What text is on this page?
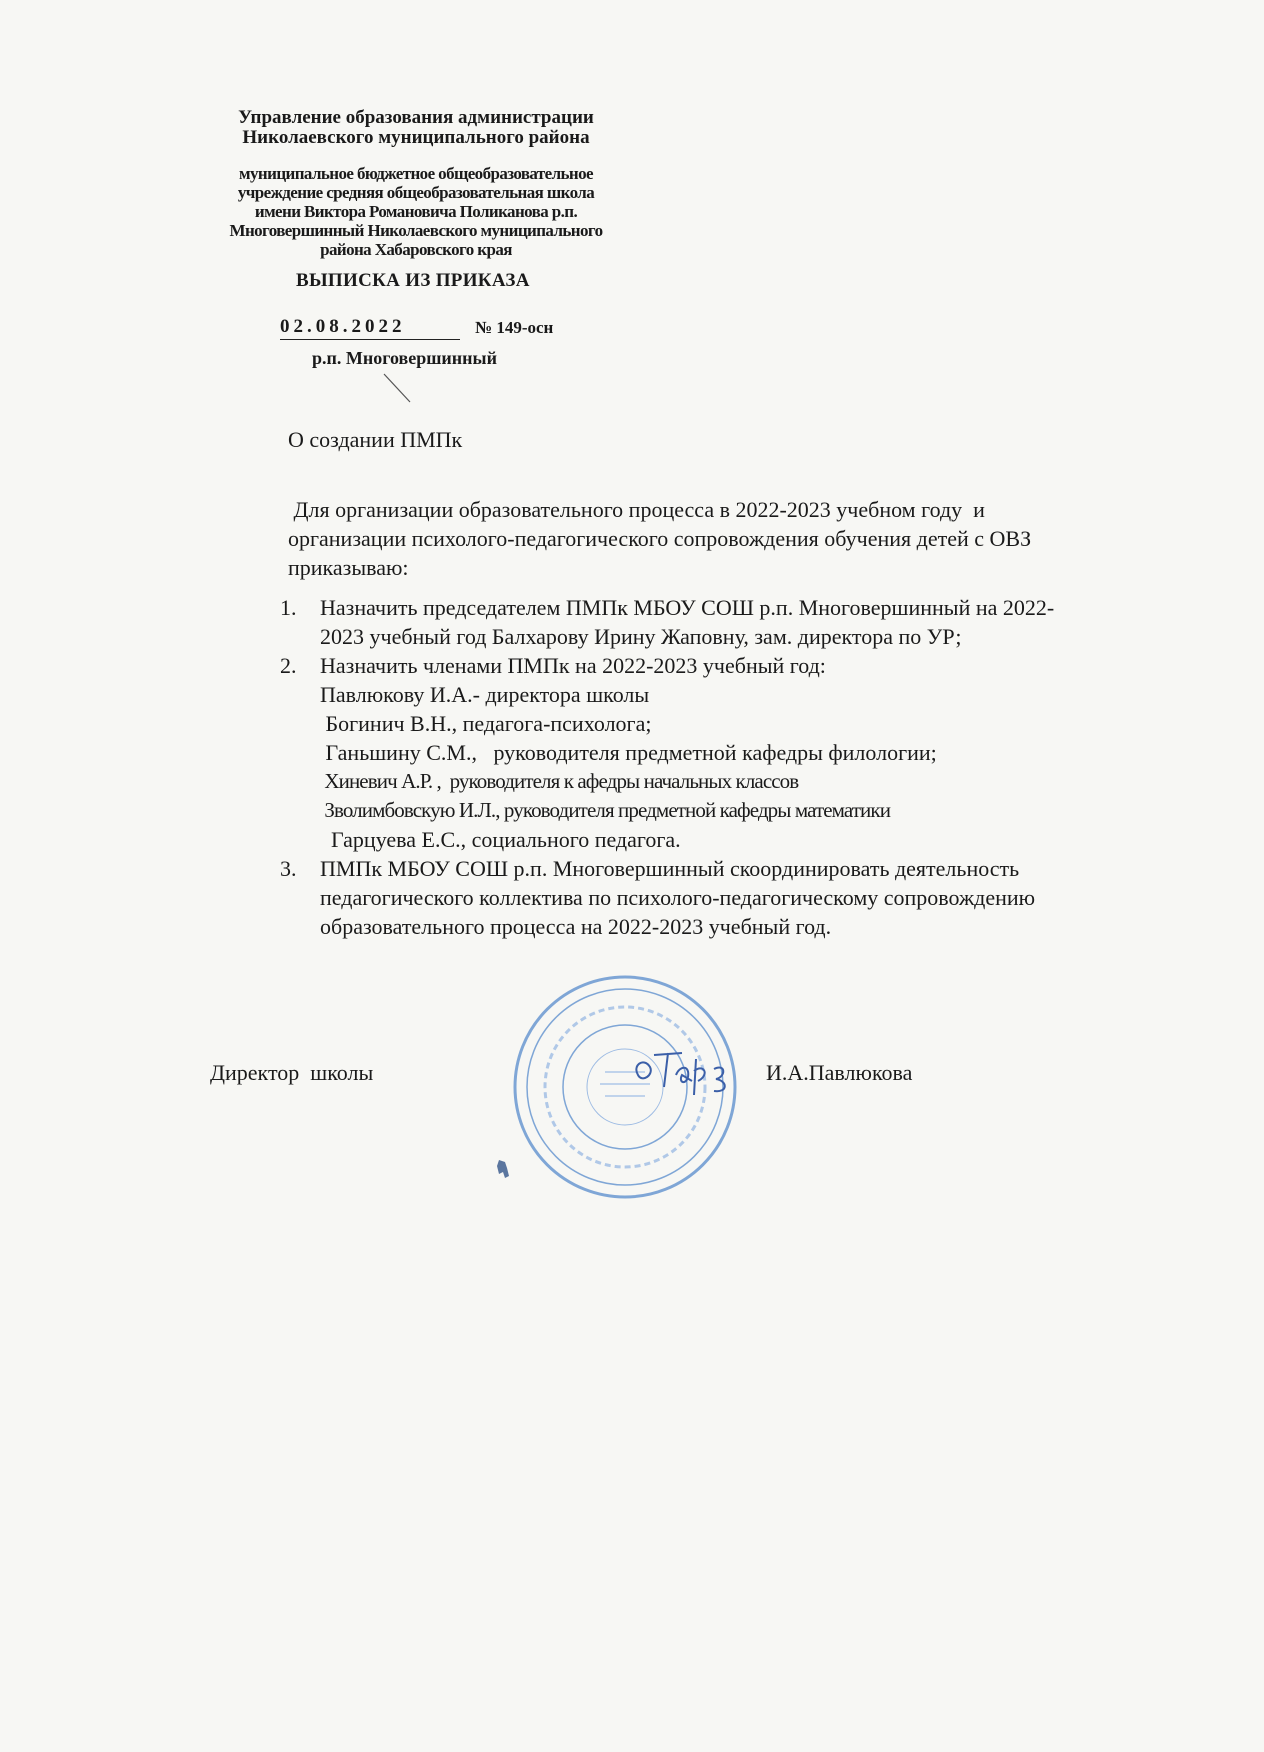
Управление образования администрации
Николаевского муниципального района
муниципальное бюджетное общеобразовательное
учреждение средняя общеобразовательная школа
имени Виктора Романовича Поликанова р.п.
Многовершинный Николаевского муниципального
района Хабаровского края
ВЫПИСКА ИЗ ПРИКАЗА
02.08.2022	№ 149-осн
р.п. Многовершинный
О создании ПМПк
Для организации образовательного процесса в 2022-2023 учебном году  и
организации психолого-педагогического сопровождения обучения детей с ОВЗ
приказываю:
1. Назначить председателем ПМПк МБОУ СОШ р.п. Многовершинный на 2022-
2023 учебный год Балхарову Ирину Жаповну, зам. директора по УР;
2. Назначить членами ПМПк на 2022-2023 учебный год:
Павлюкову И.А.- директора школы
Богинич В.Н., педагога-психолога;
Ганьшину С.М.,   руководителя предметной кафедры филологии;
Хиневич А.Р. ,  руководителя к афедры начальных классов
Зволимбовскую И.Л., руководителя предметной кафедры математики
Гарцуева Е.С., социального педагога.
3. ПМПк МБОУ СОШ р.п. Многовершинный скоординировать деятельность
педагогического коллектива по психолого-педагогическому сопровождению
образовательного процесса на 2022-2023 учебный год.
Директор  школы	И.А.Павлюкова
